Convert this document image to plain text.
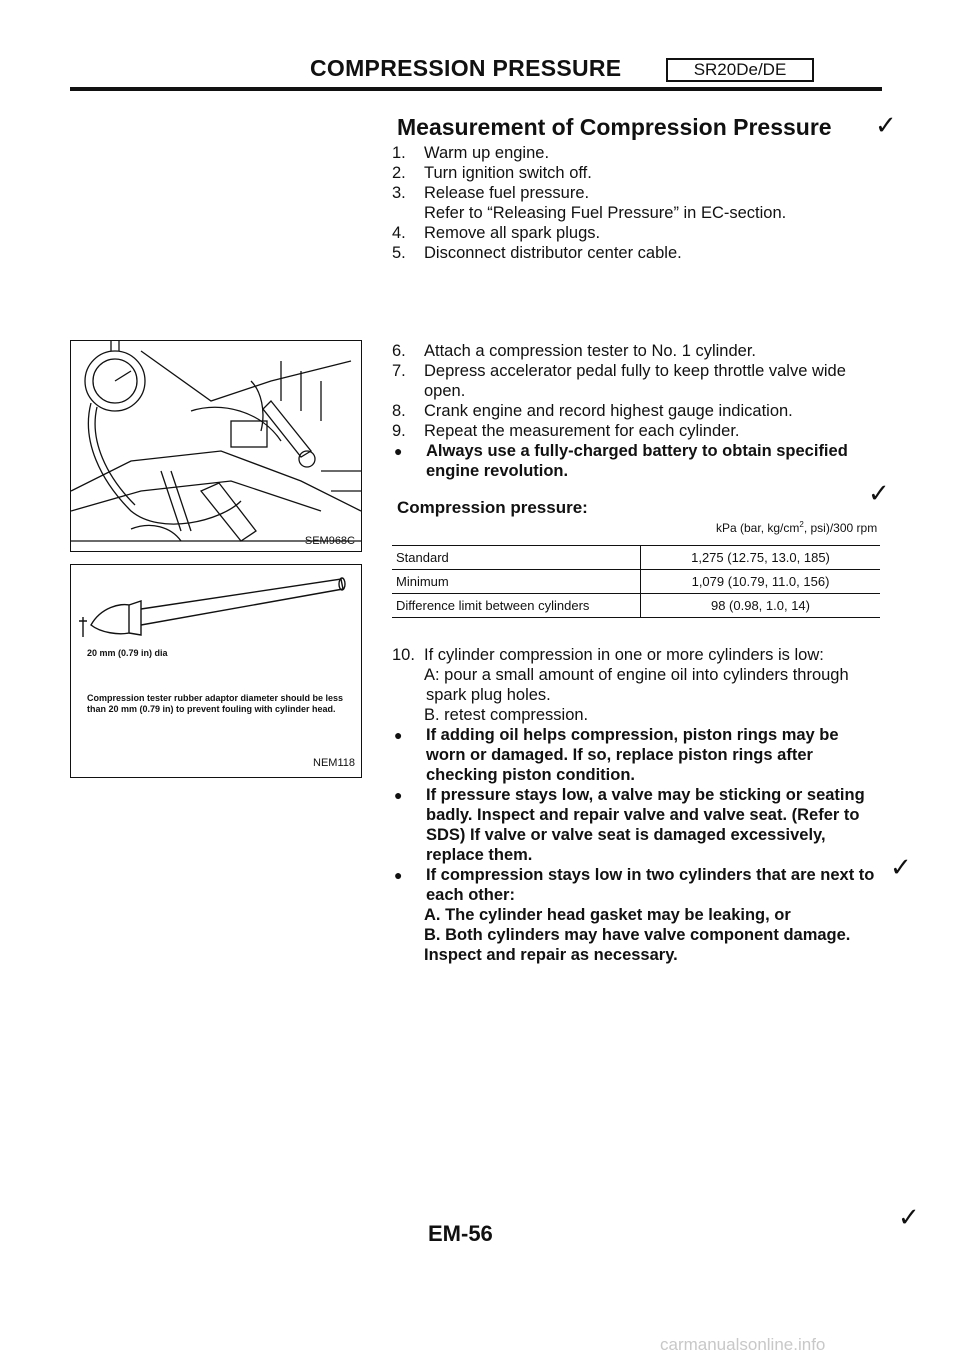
COMPRESSION PRESSURE	SR20De/DE
Measurement of Compression Pressure ✓
1.	Warm up engine.
2.	Turn ignition switch off.
3.	Release fuel pressure.
Refer to “Releasing Fuel Pressure” in EC-section.
4.	Remove all spark plugs.
5.	Disconnect distributor center cable.
SEM968C
20 mm (0.79 in) dia
Compression tester rubber adaptor diameter should be less than 20 mm (0.79 in) to prevent fouling with cylinder head.
NEM118
6.	Attach a compression tester to No. 1 cylinder.
7.	Depress accelerator pedal fully to keep throttle valve wide open.
8.	Crank engine and record highest gauge indication.
9.	Repeat the measurement for each cylinder.
●	Always use a fully-charged battery to obtain specified engine revolution.
✓
Compression pressure:
kPa (bar, $kg/cm^2$, psi)/300 rpm
Standard	1,275 (12.75, 13.0, 185)
Minimum	1,079 (10.79, 11.0, 156)
Difference limit between cylinders	98 (0.98, 1.0, 14)
10. If cylinder compression in one or more cylinders is low:
A: pour a small amount of engine oil into cylinders through spark plug holes.
B. retest compression.
●	If adding oil helps compression, piston rings may be worn or damaged. If so, replace piston rings after checking piston condition.
●	If pressure stays low, a valve may be sticking or seating badly. Inspect and repair valve and valve seat. (Refer to SDS) If valve or valve seat is damaged excessively, replace them.
●	If compression stays low in two cylinders that are next to each other:
A. The cylinder head gasket may be leaking, or
B. Both cylinders may have valve component damage. Inspect and repair as necessary.
✓
✓
EM-56
carmanualsonline.info
